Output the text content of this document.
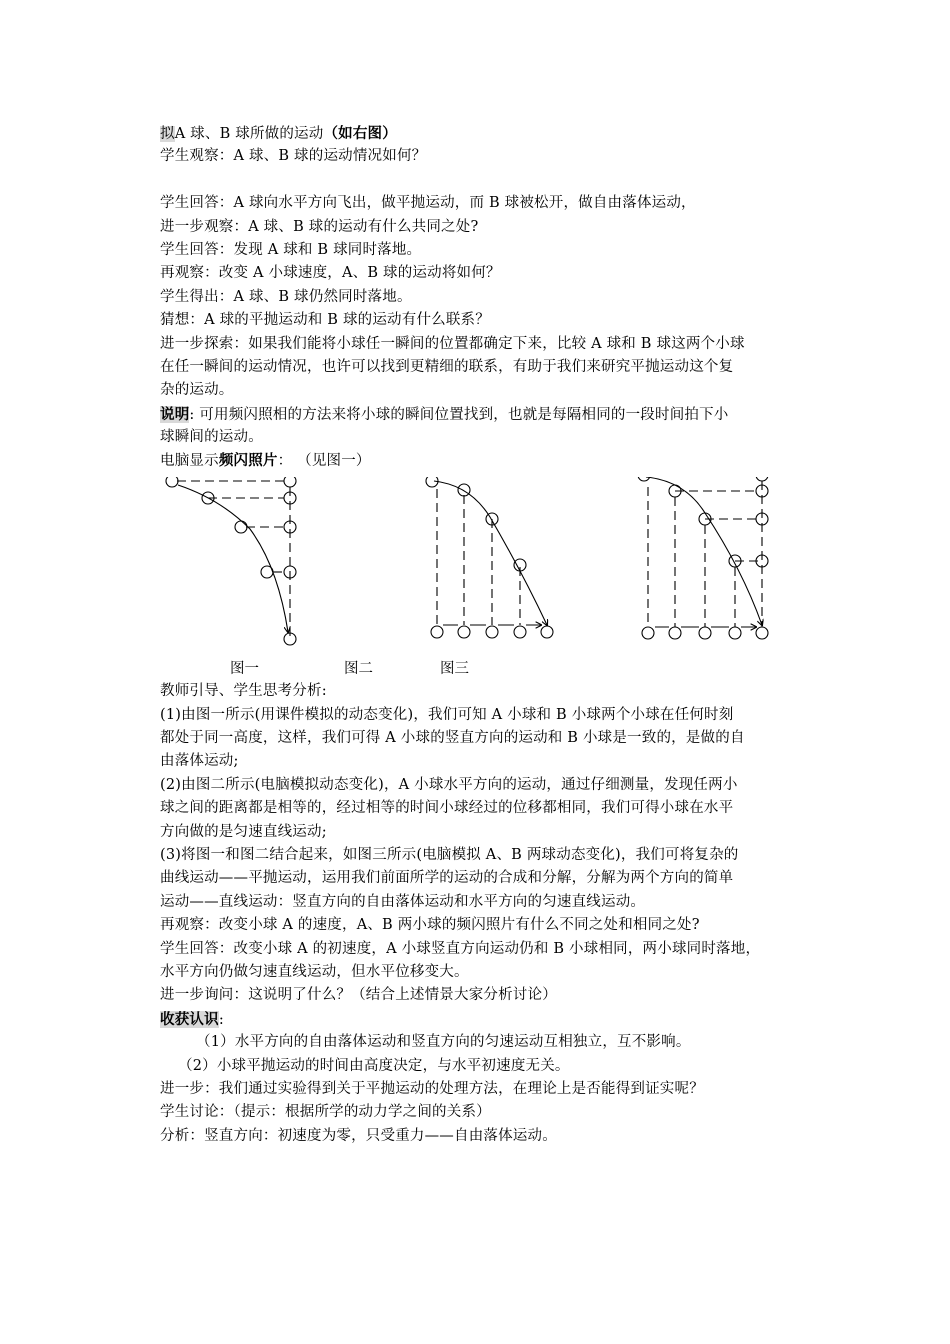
拟A 球、B 球所做的运动（如右图）
学生观察：A 球、B 球的运动情况如何？
学生回答：A 球向水平方向飞出，做平抛运动，而 B 球被松开，做自由落体运动，
进一步观察：A 球、B 球的运动有什么共同之处?
学生回答：发现 A 球和 B 球同时落地。
再观察：改变 A 小球速度，A、B 球的运动将如何？
学生得出：A 球、B 球仍然同时落地。
猜想：A 球的平抛运动和 B 球的运动有什么联系？
进一步探索：如果我们能将小球任一瞬间的位置都确定下来，比较 A 球和 B 球这两个小球
在任一瞬间的运动情况，也许可以找到更精细的联系，有助于我们来研究平抛运动这个复
杂的运动。
说明: 可用频闪照相的方法来将小球的瞬间位置找到，也就是每隔相同的一段时间拍下小
球瞬间的运动。
电脑显示频闪照片： （见图一）
图一	图二	图三
教师引导、学生思考分析:
(1)由图一所示(用课件模拟的动态变化)，我们可知 A 小球和 B 小球两个小球在任何时刻
都处于同一高度，这样，我们可得 A 小球的竖直方向的运动和 B 小球是一致的，是做的自
由落体运动;
(2)由图二所示(电脑模拟动态变化)，A 小球水平方向的运动，通过仔细测量，发现任两小
球之间的距离都是相等的，经过相等的时间小球经过的位移都相同，我们可得小球在水平
方向做的是匀速直线运动;
(3)将图一和图二结合起来，如图三所示(电脑模拟 A、B 两球动态变化)，我们可将复杂的
曲线运动——平抛运动，运用我们前面所学的运动的合成和分解，分解为两个方向的简单
运动——直线运动：竖直方向的自由落体运动和水平方向的匀速直线运动。
再观察：改变小球 A 的速度，A、B 两小球的频闪照片有什么不同之处和相同之处?
学生回答：改变小球 A 的初速度，A 小球竖直方向运动仍和 B 小球相同，两小球同时落地，
水平方向仍做匀速直线运动，但水平位移变大。
进一步询问：这说明了什么？（结合上述情景大家分析讨论）
收获认识:
（1）水平方向的自由落体运动和竖直方向的匀速运动互相独立，互不影响。
（2）小球平抛运动的时间由高度决定，与水平初速度无关。
进一步：我们通过实验得到关于平抛运动的处理方法，在理论上是否能得到证实呢？
学生讨论：（提示：根据所学的动力学之间的关系）
分析：竖直方向：初速度为零，只受重力——自由落体运动。
